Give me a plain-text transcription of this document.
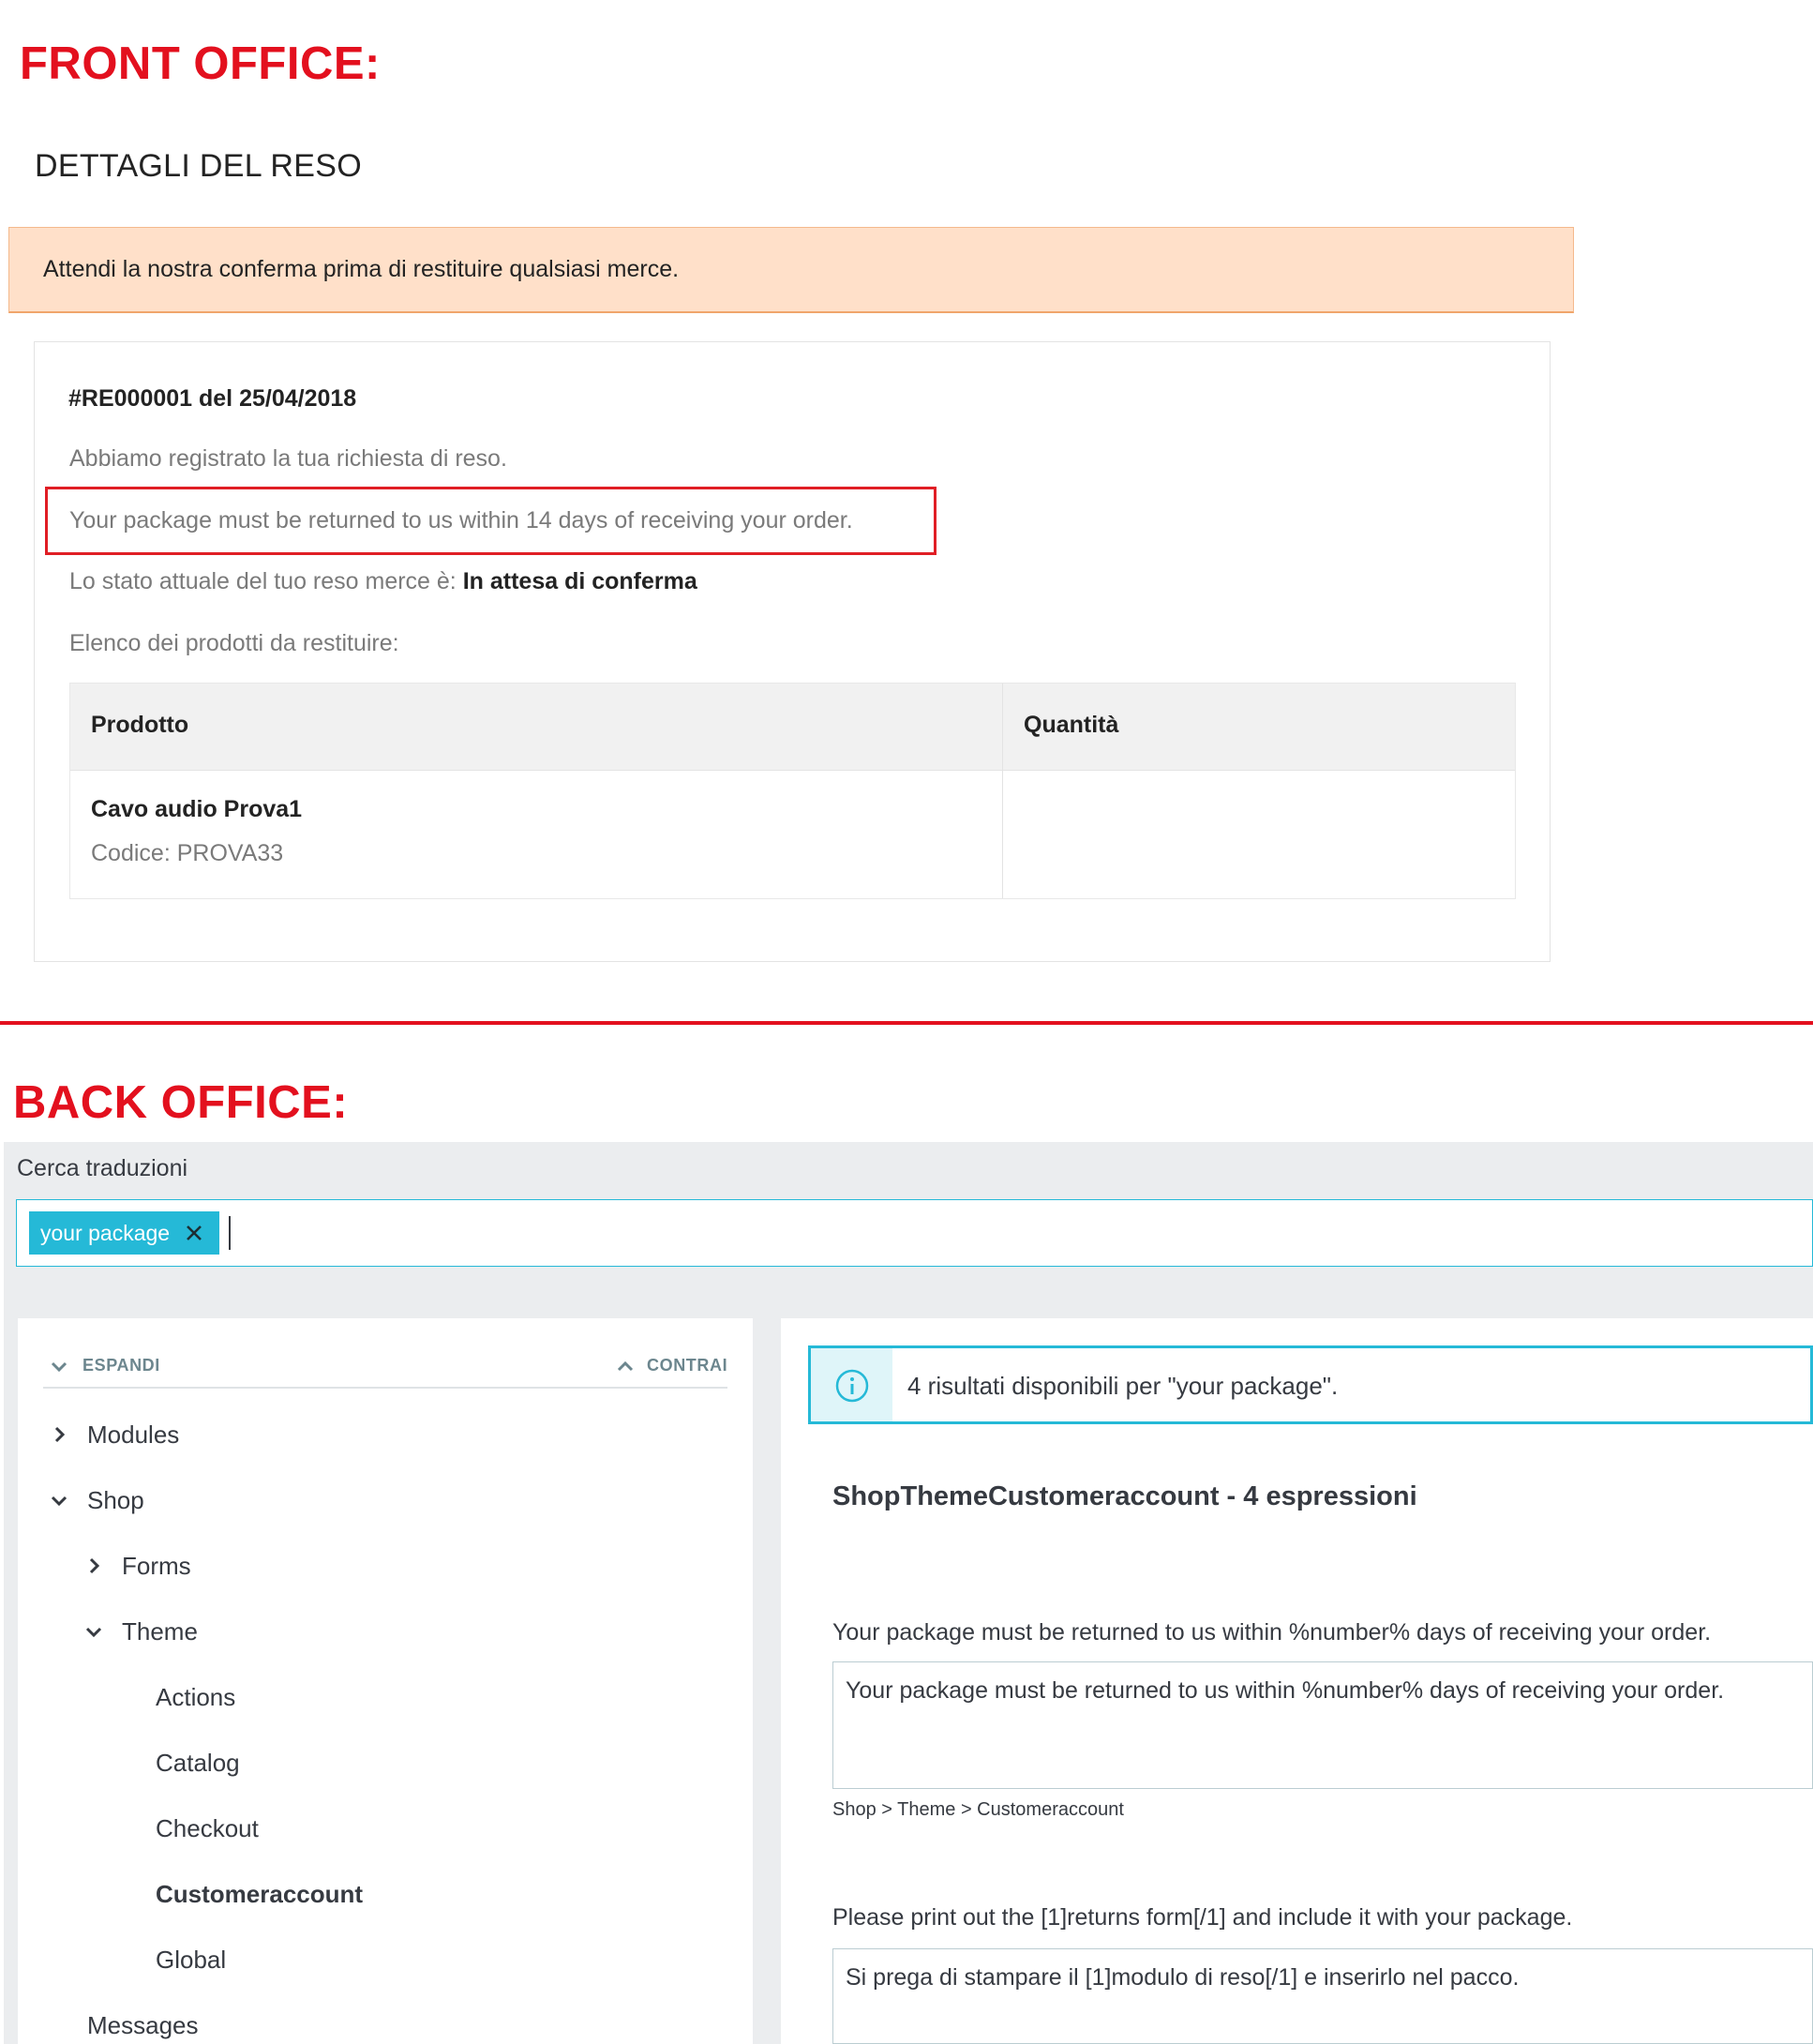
FRONT OFFICE:
DETTAGLI DEL RESO
Attendi la nostra conferma prima di restituire qualsiasi merce.
#RE000001 del 25/04/2018
Abbiamo registrato la tua richiesta di reso.
Your package must be returned to us within 14 days of receiving your order.
Lo stato attuale del tuo reso merce è: In attesa di conferma
Elenco dei prodotti da restituire:
Prodotto	Quantità
Cavo audio Prova1
Codice: PROVA33
BACK OFFICE:
Cerca traduzioni
your package
ESPANDI	CONTRAI
Modules
Shop
Forms
Theme
Actions
Catalog
Checkout
Customeraccount
Global
Messages
4 risultati disponibili per "your package".
ShopThemeCustomeraccount - 4 espressioni
Your package must be returned to us within %number% days of receiving your order.
Your package must be returned to us within %number% days of receiving your order.
Shop > Theme > Customeraccount
Please print out the [1]returns form[/1] and include it with your package.
Si prega di stampare il [1]modulo di reso[/1] e inserirlo nel pacco.
